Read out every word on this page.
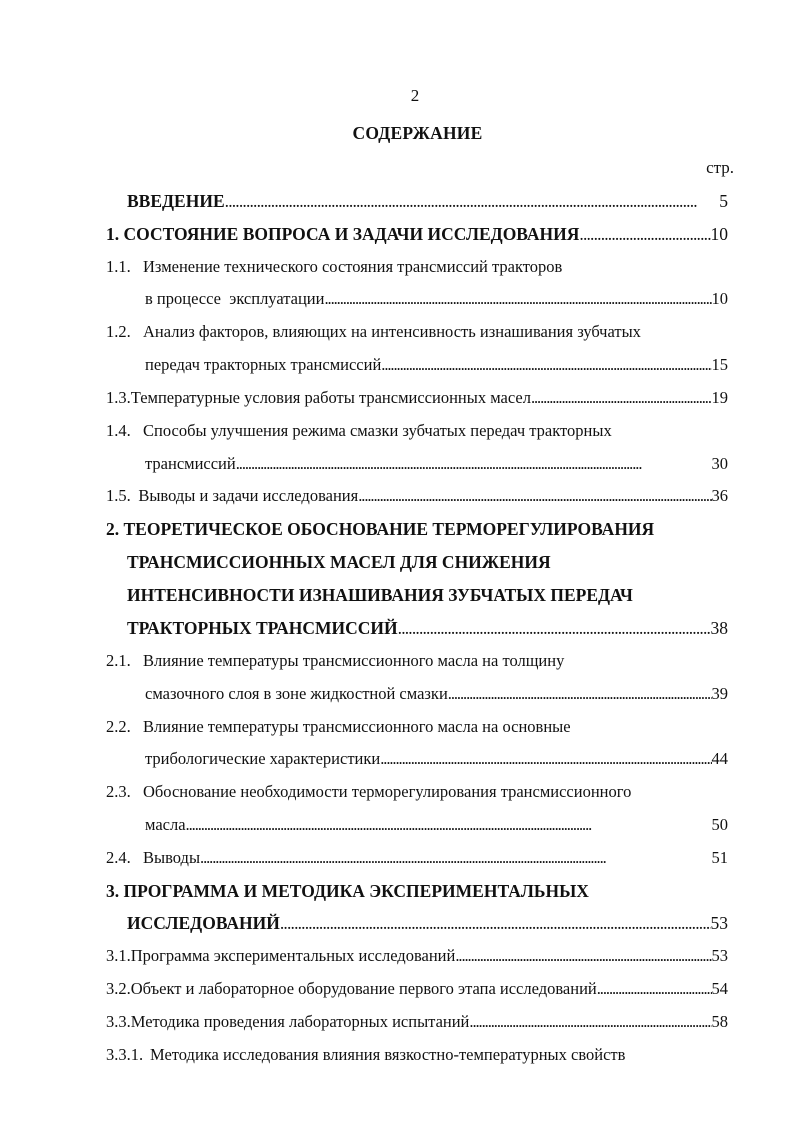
2
СОДЕРЖАНИЕ
стр.
ВВЕДЕНИЕ . . .	5
1. СОСТОЯНИЕ ВОПРОСА И ЗАДАЧИ ИССЛЕДОВАНИЯ . . .	10
1.1. Изменение технического состояния трансмиссий тракторов
в процессе  эксплуатации . . .	10
1.2. Анализ факторов, влияющих на интенсивность изнашивания зубчатых
передач тракторных трансмиссий . . .	15
1.3. Температурные условия работы трансмиссионных масел . . .	19
1.4. Способы улучшения режима смазки зубчатых передач тракторных
трансмиссий . . .	30
1.5. Выводы и задачи исследования . . .	36
2. ТЕОРЕТИЧЕСКОЕ ОБОСНОВАНИЕ ТЕРМОРЕГУЛИРОВАНИЯ
ТРАНСМИССИОННЫХ МАСЕЛ ДЛЯ СНИЖЕНИЯ
ИНТЕНСИВНОСТИ ИЗНАШИВАНИЯ ЗУБЧАТЫХ ПЕРЕДАЧ
ТРАКТОРНЫХ ТРАНСМИССИЙ . . .	38
2.1. Влияние температуры трансмиссионного масла на толщину
смазочного слоя в зоне жидкостной смазки . . .	39
2.2. Влияние температуры трансмиссионного масла на основные
трибологические характеристики . . .	44
2.3. Обоснование необходимости терморегулирования трансмиссионного
масла . . .	50
2.4. Выводы . . .	51
3. ПРОГРАММА И МЕТОДИКА ЭКСПЕРИМЕНТАЛЬНЫХ
ИССЛЕДОВАНИЙ . . .	53
3.1. Программа экспериментальных исследований . . .	53
3.2. Объект и лабораторное оборудование первого этапа исследований . . .	54
3.3. Методика проведения лабораторных испытаний . . .	58
3.3.1. Методика исследования влияния вязкостно-температурных свойств
